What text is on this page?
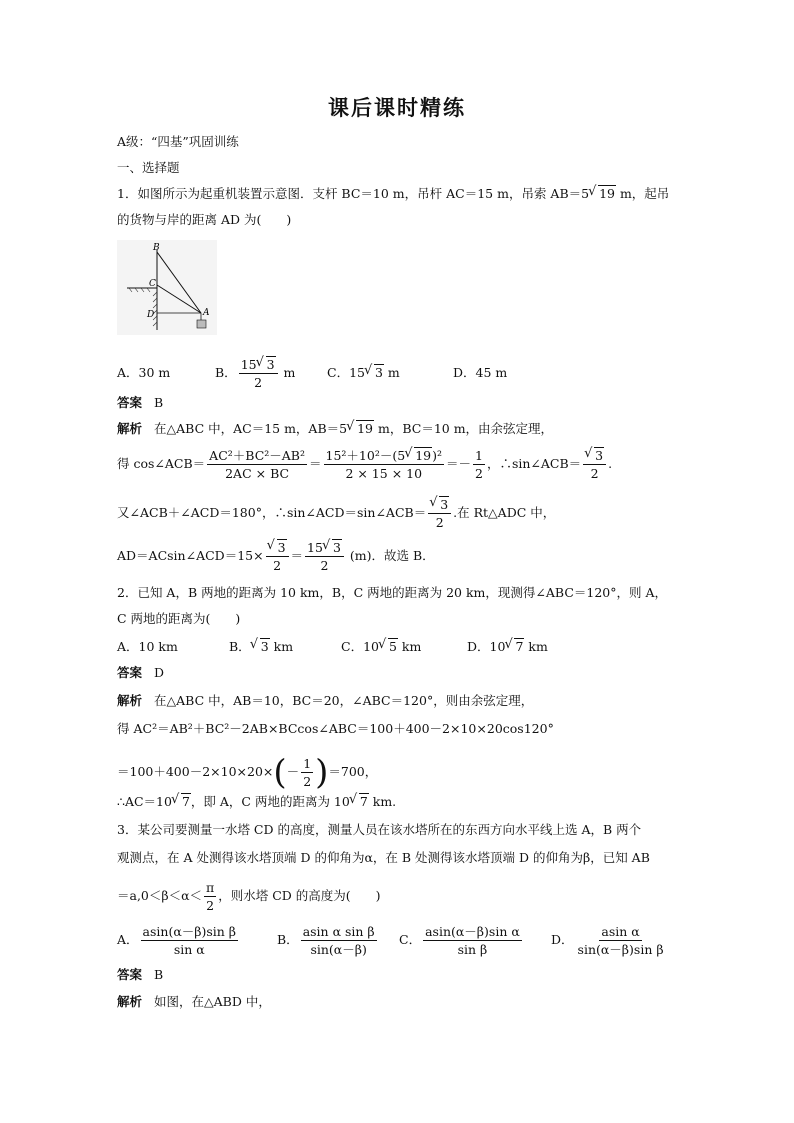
课后课时精练
A级：“四基”巩固训练
一、选择题
1．如图所示为起重机装置示意图．支杆 BC＝10 m，吊杆 AC＝15 m，吊索 AB＝5 √ 19 m，起吊
的货物与岸的距离 AD 为(　　)
B
C
D	A
A．30 m	B． $\frac{15 √ 3}{2}$ m	C．15 √ 3 m	D．45 m
答案 B
解析 在△ABC 中，AC＝15 m，AB＝5 √ 19 m，BC＝10 m，由余弦定理，
得 cos∠ACB＝ $\frac{\text{AC²＋BC²－AB²}}{2AC \times BC} = \frac{\text{15²＋10²－(5 √ 19)²}}{2 \times 15 \times 10} =- \frac{1}{2}$ ，∴sin∠ACB＝ √ $\frac{3}{2}$ .
又∠ACB＋∠ACD＝180°，∴sin∠ACD＝sin∠ACB＝ √ $\frac{3}{2}$ .在 Rt△ADC 中，
AD＝ACsin∠ACD＝15× √ $\frac{3}{2} = \frac{15 √ 3}{2} (m)$．故选 B．
2．已知 A，B 两地的距离为 10 km，B，C 两地的距离为 20 km，现测得∠ABC＝120°，则 A，
C 两地的距离为(　　)
A．10 km	B． √ 3 km	C．10 √ 5 km	D．10 √ 7 km
答案 D
解析 在△ABC 中，AB＝10，BC＝20，∠ABC＝120°，则由余弦定理，
得 AC²＝AB²＋BC²－2AB×BCcos∠ABC＝100＋400－2×10×20cos120°
$=100+400-2\times 10\times 20\times(- \frac{1}{2} )=700$，
∴AC＝10 √ 7，即 A，C 两地的距离为 10 √ 7 km.
3．某公司要测量一水塔 CD 的高度，测量人员在该水塔所在的东西方向水平线上选 A，B 两个
观测点，在 A 处测得该水塔顶端 D 的仰角为α，在 B 处测得该水塔顶端 D 的仰角为β，已知 AB
$=a,0<\beta<\alpha< \frac{\pi}{2}$ ，则水塔 CD 的高度为(　　)
A． $\frac{\text{asin(α－β)sin β}}{\text{sin α}}$	B． $\frac{\text{asin α sin β}}{\sin(\alpha-\beta)}$ C． $\frac{\text{asin(α－β)sin α}}{\text{sin β}}$ D． $\frac{\text{asin α}}{\text{sin(α－β)sin β}}$
答案 B
解析 如图，在△ABD 中，
